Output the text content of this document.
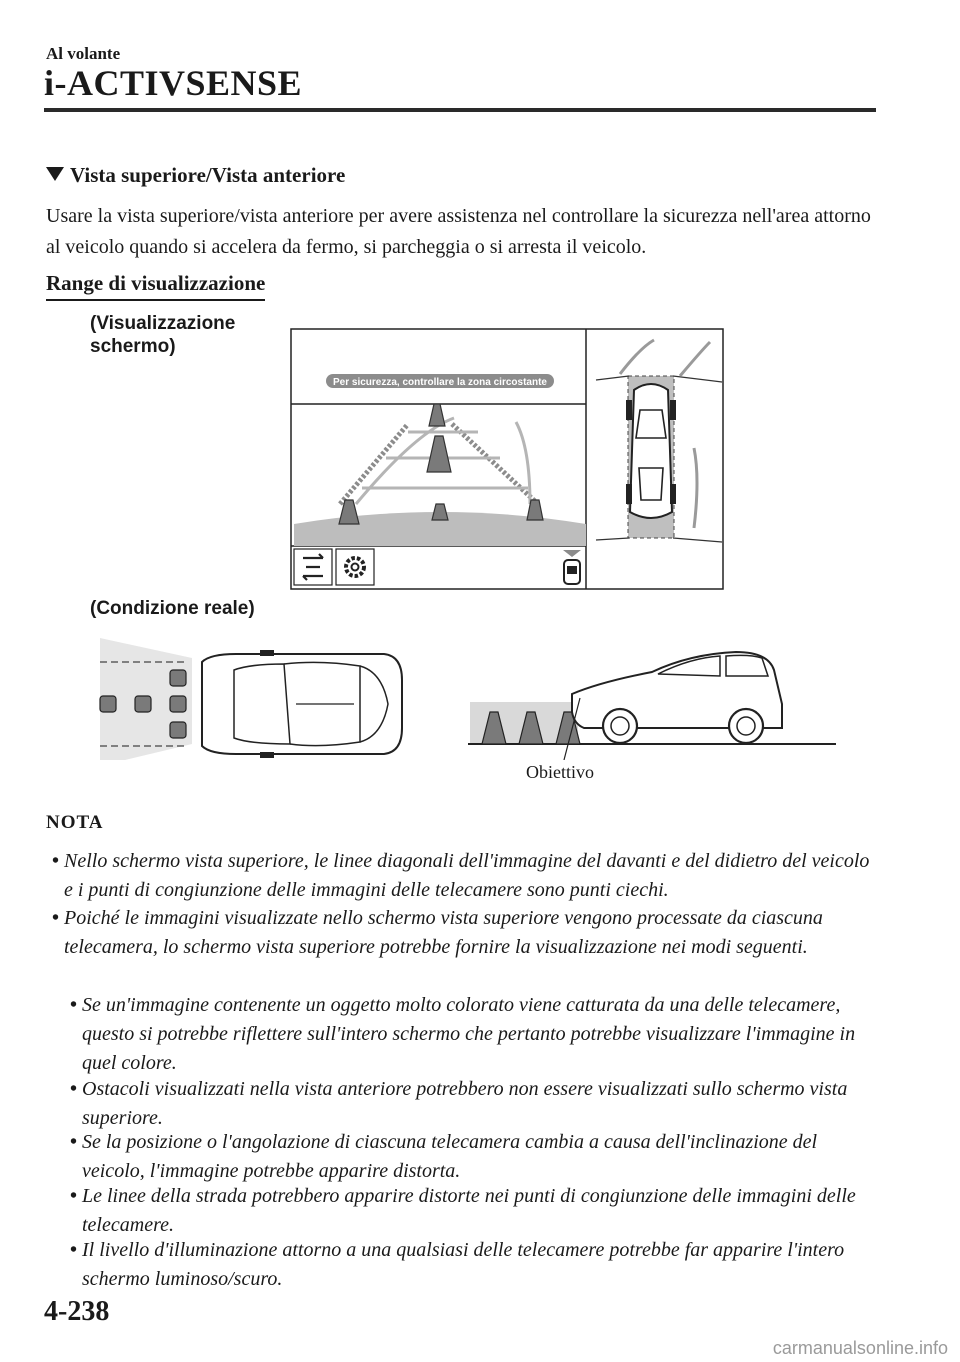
Al volante
i-ACTIVSENSE
Vista superiore/Vista anteriore
Usare la vista superiore/vista anteriore per avere assistenza nel controllare la sicurezza nell'area attorno al veicolo quando si accelera da fermo, si parcheggia o si arresta il veicolo.
Range di visualizzazione
(Visualizzazione
schermo)
Per sicurezza, controllare la zona circostante
(Condizione reale)
Obiettivo
NOTA
• Nello schermo vista superiore, le linee diagonali dell'immagine del davanti e del didietro del veicolo e i punti di congiunzione delle immagini delle telecamere sono punti ciechi.
• Poiché le immagini visualizzate nello schermo vista superiore vengono processate da ciascuna telecamera, lo schermo vista superiore potrebbe fornire la visualizzazione nei modi seguenti.
• Se un'immagine contenente un oggetto molto colorato viene catturata da una delle telecamere, questo si potrebbe riflettere sull'intero schermo che pertanto potrebbe visualizzare l'immagine in quel colore.
• Ostacoli visualizzati nella vista anteriore potrebbero non essere visualizzati sullo schermo vista superiore.
• Se la posizione o l'angolazione di ciascuna telecamera cambia a causa dell'inclinazione del veicolo, l'immagine potrebbe apparire distorta.
• Le linee della strada potrebbero apparire distorte nei punti di congiunzione delle immagini delle telecamere.
• Il livello d'illuminazione attorno a una qualsiasi delle telecamere potrebbe far apparire l'intero schermo luminoso/scuro.
4-238
carmanualsonline.info
